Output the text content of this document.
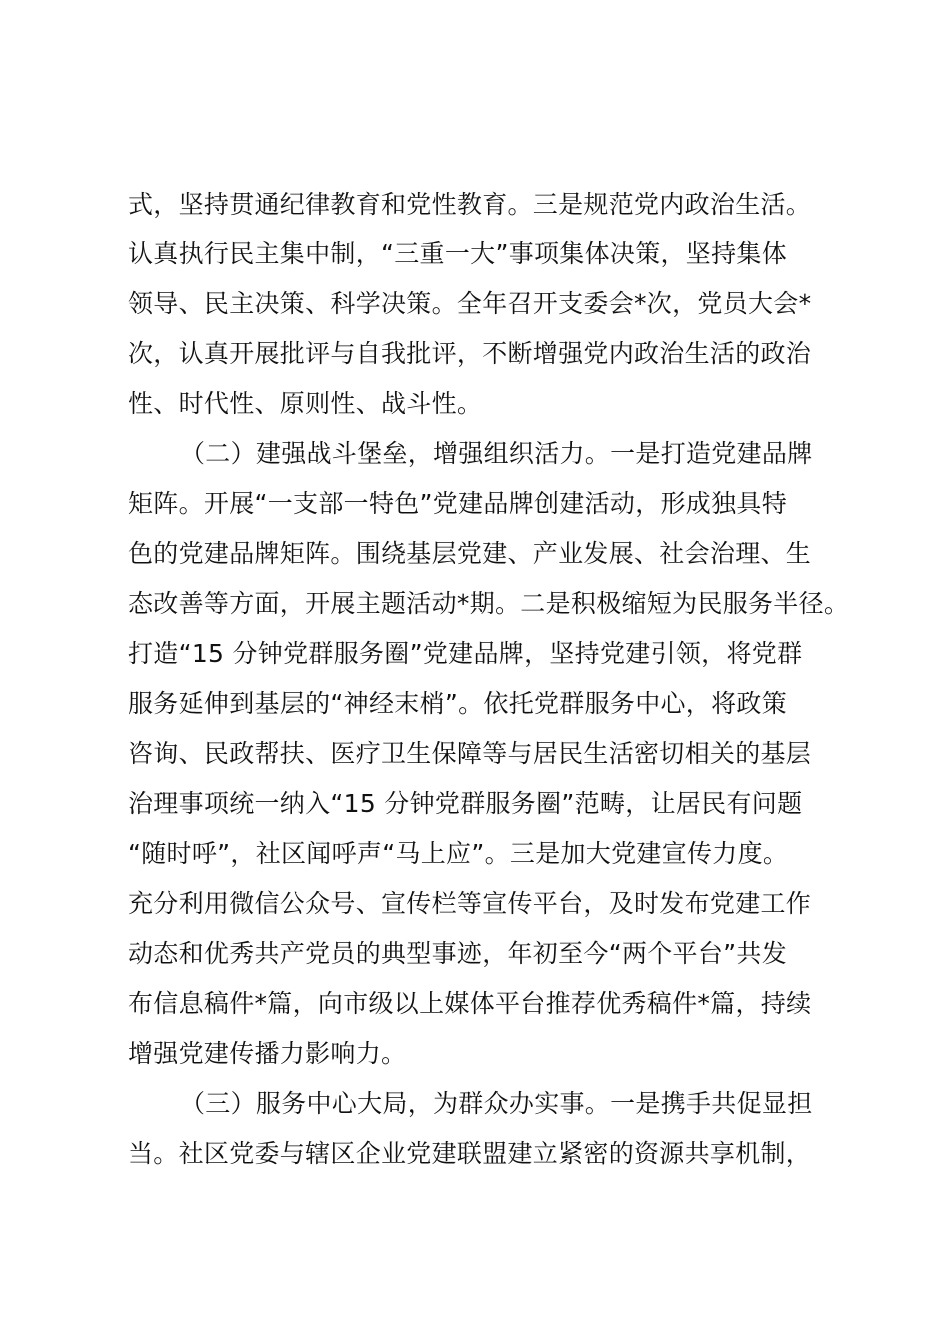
式，坚持贯通纪律教育和党性教育。三是规范党内政治生活。
认真执行民主集中制，“三重一大”事项集体决策，坚持集体
领导、民主决策、科学决策。全年召开支委会*次，党员大会*
次，认真开展批评与自我批评，不断增强党内政治生活的政治
性、时代性、原则性、战斗性。
（二）建强战斗堡垒，增强组织活力。一是打造党建品牌
矩阵。开展“一支部一特色”党建品牌创建活动，形成独具特
色的党建品牌矩阵。围绕基层党建、产业发展、社会治理、生
态改善等方面，开展主题活动*期。二是积极缩短为民服务半径。
打造“15 分钟党群服务圈”党建品牌，坚持党建引领，将党群
服务延伸到基层的“神经末梢”。依托党群服务中心，将政策
咨询、民政帮扶、医疗卫生保障等与居民生活密切相关的基层
治理事项统一纳入“15 分钟党群服务圈”范畴，让居民有问题
“随时呼”，社区闻呼声“马上应”。三是加大党建宣传力度。
充分利用微信公众号、宣传栏等宣传平台，及时发布党建工作
动态和优秀共产党员的典型事迹，年初至今“两个平台”共发
布信息稿件*篇，向市级以上媒体平台推荐优秀稿件*篇，持续
增强党建传播力影响力。
（三）服务中心大局，为群众办实事。一是携手共促显担
当。社区党委与辖区企业党建联盟建立紧密的资源共享机制，
